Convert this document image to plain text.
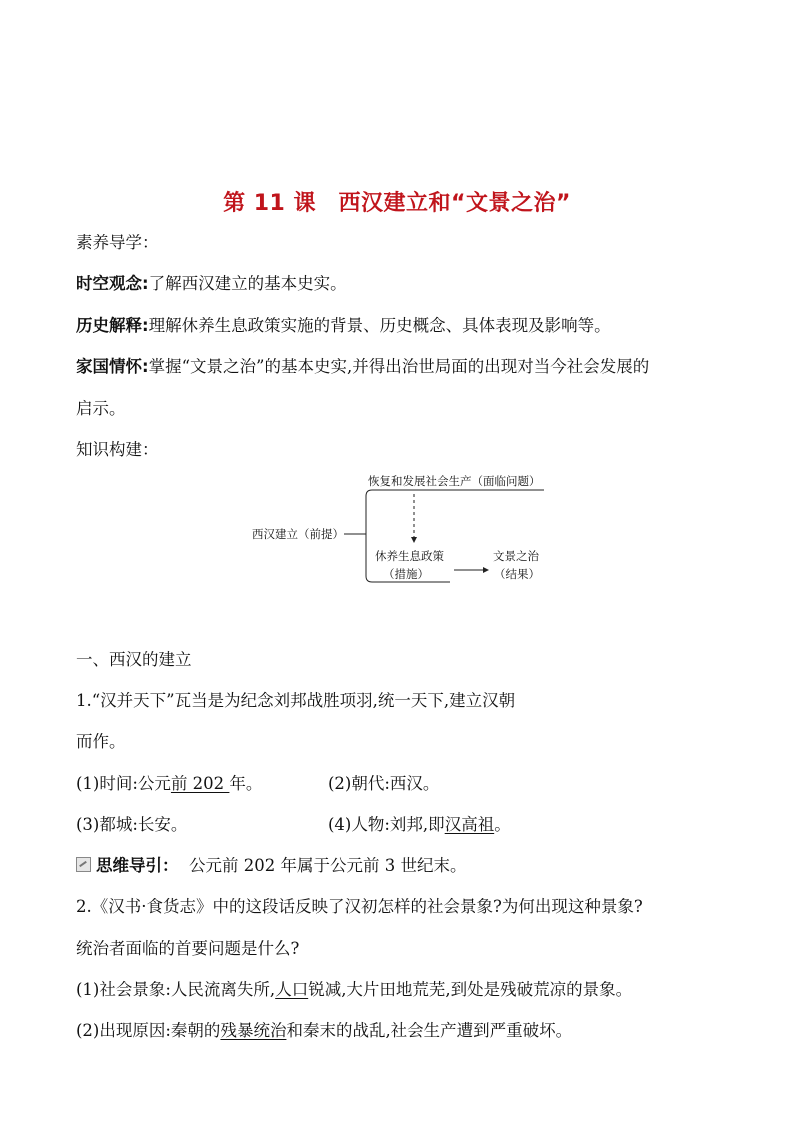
第 11 课　西汉建立和“文景之治”
素养导学：
时空观念:了解西汉建立的基本史实。
历史解释:理解休养生息政策实施的背景、历史概念、具体表现及影响等。
家国情怀:掌握“文景之治”的基本史实,并得出治世局面的出现对当今社会发展的
启示。
知识构建：
西汉建立（前提）
恢复和发展社会生产（面临问题）
休养生息政策
（措施）
文景之治
（结果）
一、西汉的建立
1.“汉并天下”瓦当是为纪念刘邦战胜项羽,统一天下,建立汉朝
而作。
(1)时间:公元前 202 年。	(2)朝代:西汉。
(3)都城:长安。	(4)人物:刘邦,即汉高祖。
思维导引： 公元前 202 年属于公元前 3 世纪末。
2.《汉书·食货志》中的这段话反映了汉初怎样的社会景象?为何出现这种景象?
统治者面临的首要问题是什么?
(1)社会景象:人民流离失所,人口锐减,大片田地荒芜,到处是残破荒凉的景象。
(2)出现原因:秦朝的残暴统治和秦末的战乱,社会生产遭到严重破坏。
